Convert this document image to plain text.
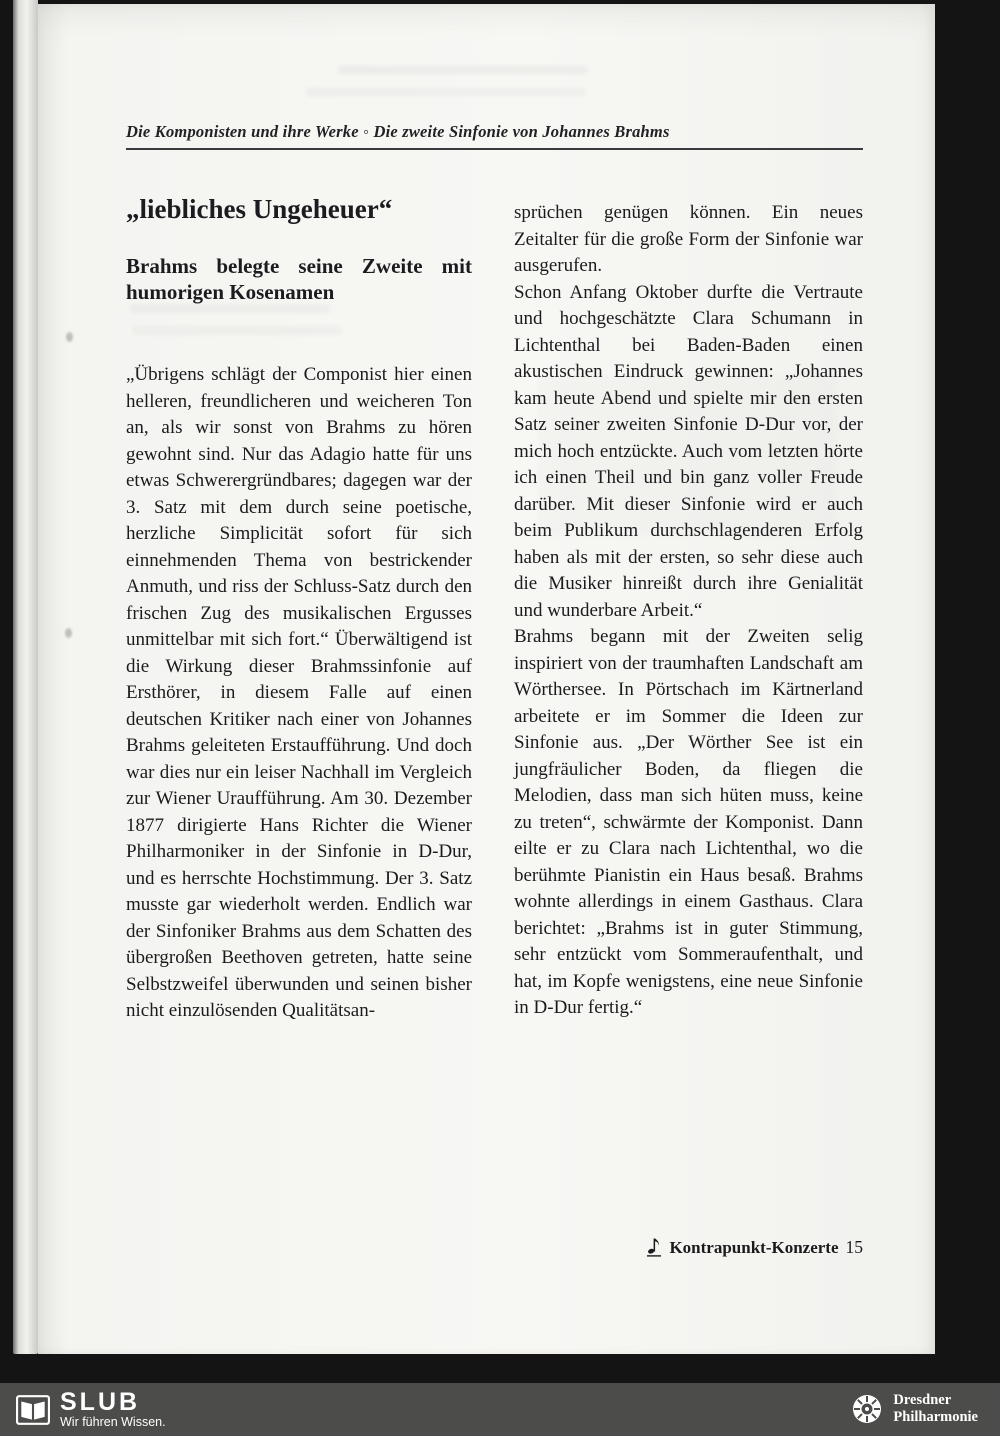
Die Komponisten und ihre Werke ◦ Die zweite Sinfonie von Johannes Brahms
„liebliches Ungeheuer“
Brahms belegte seine Zweite mit humorigen Kosenamen

„Übrigens schlägt der Componist hier einen helleren, freundlicheren und weicheren Ton an, als wir sonst von Brahms zu hören gewohnt sind. Nur das Adagio hatte für uns etwas Schwerergründbares; dagegen war der 3. Satz mit dem durch seine poetische, herzliche Simplicität sofort für sich einnehmenden Thema von bestrickender Anmuth, und riss der Schluss-Satz durch den frischen Zug des musikalischen Ergusses unmittelbar mit sich fort.“ Überwältigend ist die Wirkung dieser Brahmssinfonie auf Ersthörer, in diesem Falle auf einen deutschen Kritiker nach einer von Johannes Brahms geleiteten Erstaufführung. Und doch war dies nur ein leiser Nachhall im Vergleich zur Wiener Uraufführung. Am 30. Dezember 1877 dirigierte Hans Richter die Wiener Philharmoniker in der Sinfonie in D-Dur, und es herrschte Hochstimmung. Der 3. Satz musste gar wiederholt werden. Endlich war der Sinfoniker Brahms aus dem Schatten des übergroßen Beethoven getreten, hatte seine Selbstzweifel überwunden und seinen bisher nicht einzulösenden Qualitätsan-

sprüchen genügen können. Ein neues Zeitalter für die große Form der Sinfonie war ausgerufen.

Schon Anfang Oktober durfte die Vertraute und hochgeschätzte Clara Schumann in Lichtenthal bei Baden-Baden einen akustischen Eindruck gewinnen: „Johannes kam heute Abend und spielte mir den ersten Satz seiner zweiten Sinfonie D-Dur vor, der mich hoch entzückte. Auch vom letzten hörte ich einen Theil und bin ganz voller Freude darüber. Mit dieser Sinfonie wird er auch beim Publikum durchschlagenderen Erfolg haben als mit der ersten, so sehr diese auch die Musiker hinreißt durch ihre Genialität und wunderbare Arbeit.“

Brahms begann mit der Zweiten selig inspiriert von der traumhaften Landschaft am Wörthersee. In Pörtschach im Kärtnerland arbeitete er im Sommer die Ideen zur Sinfonie aus. „Der Wörther See ist ein jungfräulicher Boden, da fliegen die Melodien, dass man sich hüten muss, keine zu treten“, schwärmte der Komponist. Dann eilte er zu Clara nach Lichtenthal, wo die berühmte Pianistin ein Haus besaß. Brahms wohnte allerdings in einem Gasthaus. Clara berichtet: „Brahms ist in guter Stimmung, sehr entzückt vom Sommeraufenthalt, und hat, im Kopfe wenigstens, eine neue Sinfonie in D-Dur fertig.“

Kontrapunkt-Konzerte 15
SLUB
Wir führen Wissen.
Dresdner
Philharmonie
